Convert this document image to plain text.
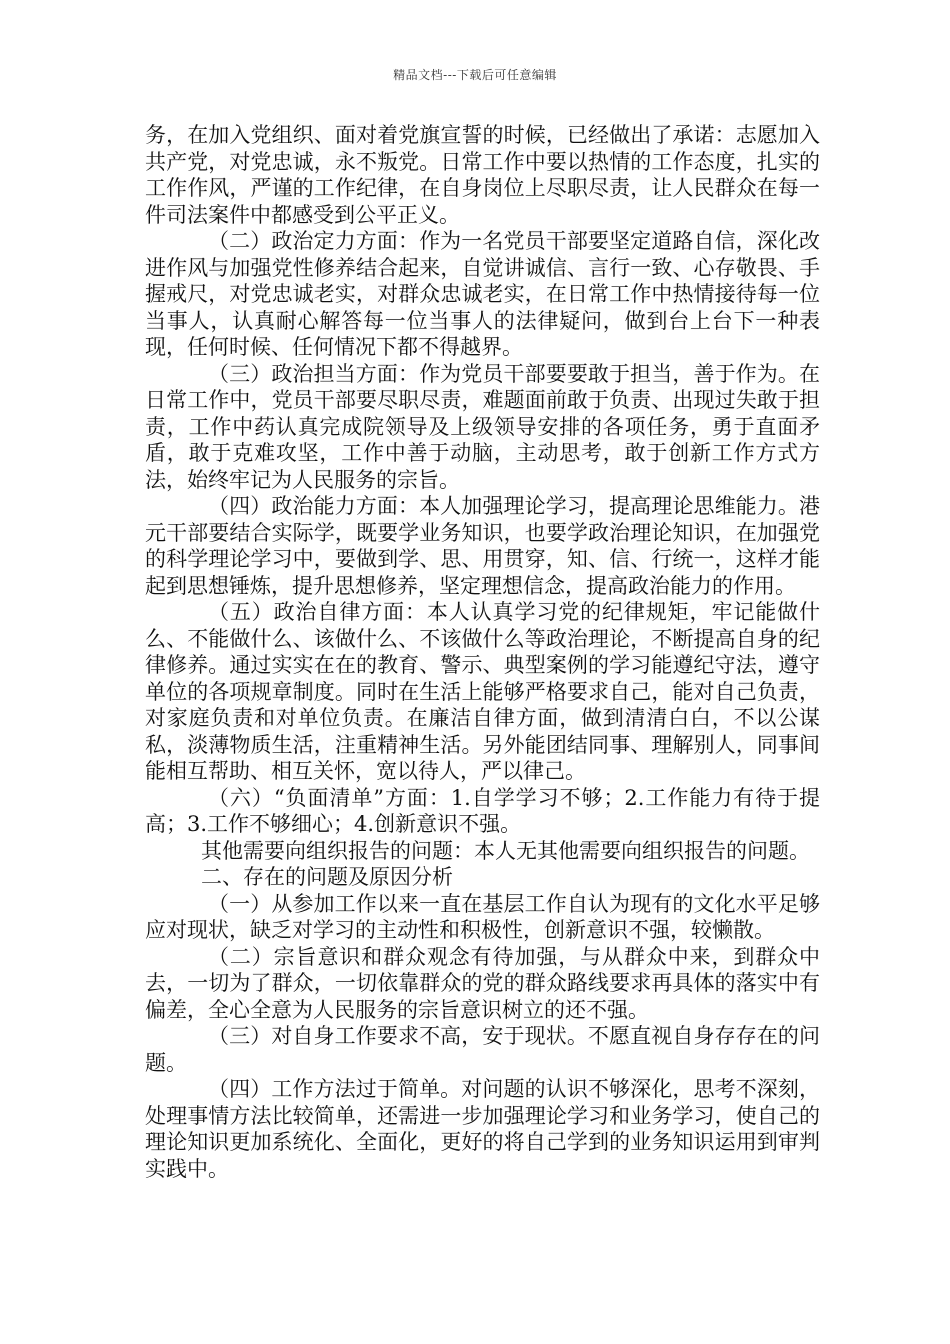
精品文档---下载后可任意编辑

务，在加入党组织、面对着党旗宣誓的时候，已经做出了承诺：志愿加入共产党，对党忠诚，永不叛党。日常工作中要以热情的工作态度，扎实的工作作风，严谨的工作纪律，在自身岗位上尽职尽责，让人民群众在每一件司法案件中都感受到公平正义。

（二）政治定力方面：作为一名党员干部要坚定道路自信，深化改进作风与加强党性修养结合起来，自觉讲诚信、言行一致、心存敬畏、手握戒尺，对党忠诚老实，对群众忠诚老实，在日常工作中热情接待每一位当事人，认真耐心解答每一位当事人的法律疑问，做到台上台下一种表现，任何时候、任何情况下都不得越界。

（三）政治担当方面：作为党员干部要要敢于担当，善于作为。在日常工作中，党员干部要尽职尽责，难题面前敢于负责、出现过失敢于担责，工作中药认真完成院领导及上级领导安排的各项任务，勇于直面矛盾，敢于克难攻坚，工作中善于动脑，主动思考，敢于创新工作方式方法，始终牢记为人民服务的宗旨。

（四）政治能力方面：本人加强理论学习，提高理论思维能力。港元干部要结合实际学，既要学业务知识，也要学政治理论知识，在加强党的科学理论学习中，要做到学、思、用贯穿，知、信、行统一，这样才能起到思想锤炼，提升思想修养，坚定理想信念，提高政治能力的作用。

（五）政治自律方面：本人认真学习党的纪律规矩，牢记能做什么、不能做什么、该做什么、不该做什么等政治理论，不断提高自身的纪律修养。通过实实在在的教育、警示、典型案例的学习能遵纪守法，遵守单位的各项规章制度。同时在生活上能够严格要求自己，能对自己负责，对家庭负责和对单位负责。在廉洁自律方面，做到清清白白，不以公谋私，淡薄物质生活，注重精神生活。另外能团结同事、理解别人，同事间能相互帮助、相互关怀，宽以待人，严以律己。

（六）“负面清单”方面：1.自学学习不够；2.工作能力有待于提高；3.工作不够细心；4.创新意识不强。

其他需要向组织报告的问题：本人无其他需要向组织报告的问题。

二、存在的问题及原因分析

（一）从参加工作以来一直在基层工作自认为现有的文化水平足够应对现状，缺乏对学习的主动性和积极性，创新意识不强，较懒散。

（二）宗旨意识和群众观念有待加强，与从群众中来，到群众中去，一切为了群众，一切依靠群众的党的群众路线要求再具体的落实中有偏差，全心全意为人民服务的宗旨意识树立的还不强。

（三）对自身工作要求不高，安于现状。不愿直视自身存存在的问题。

（四）工作方法过于简单。对问题的认识不够深化，思考不深刻，处理事情方法比较简单，还需进一步加强理论学习和业务学习，使自己的理论知识更加系统化、全面化，更好的将自己学到的业务知识运用到审判实践中。
